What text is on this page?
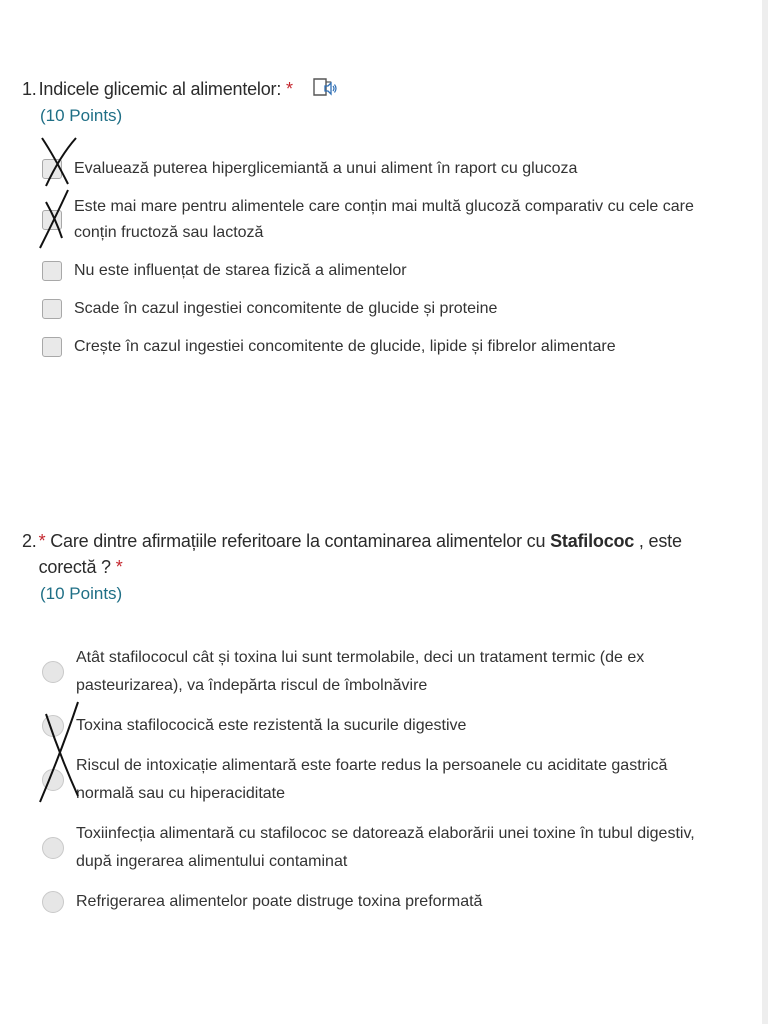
1. Indicele glicemic al alimentelor: *
(10 Points)
Evaluează puterea hiperglicemiantă a unui aliment în raport cu glucoza
Este mai mare pentru alimentele care conțin mai multă glucoză comparativ cu cele care conțin fructoză sau lactoză
Nu este influențat de starea fizică a alimentelor
Scade în cazul ingestiei concomitente de glucide și proteine
Crește în cazul ingestiei concomitente de glucide, lipide și fibrelor alimentare
2. * Care dintre afirmațiile referitoare la contaminarea alimentelor cu Stafilococ , este corectă ? *
(10 Points)
Atât stafilococul cât și toxina lui sunt termolabile, deci un tratament termic (de ex pasteurizarea), va îndepărta riscul de îmbolnăvire
Toxina stafilococică este rezistentă la sucurile digestive
Riscul de intoxicație alimentară este foarte redus la persoanele cu aciditate gastrică normală sau cu hiperaciditate
Toxiinfecția alimentară cu stafilococ se datorează elaborării unei toxine în tubul digestiv, după ingerarea alimentului contaminat
Refrigerarea alimentelor poate distruge toxina preformată
